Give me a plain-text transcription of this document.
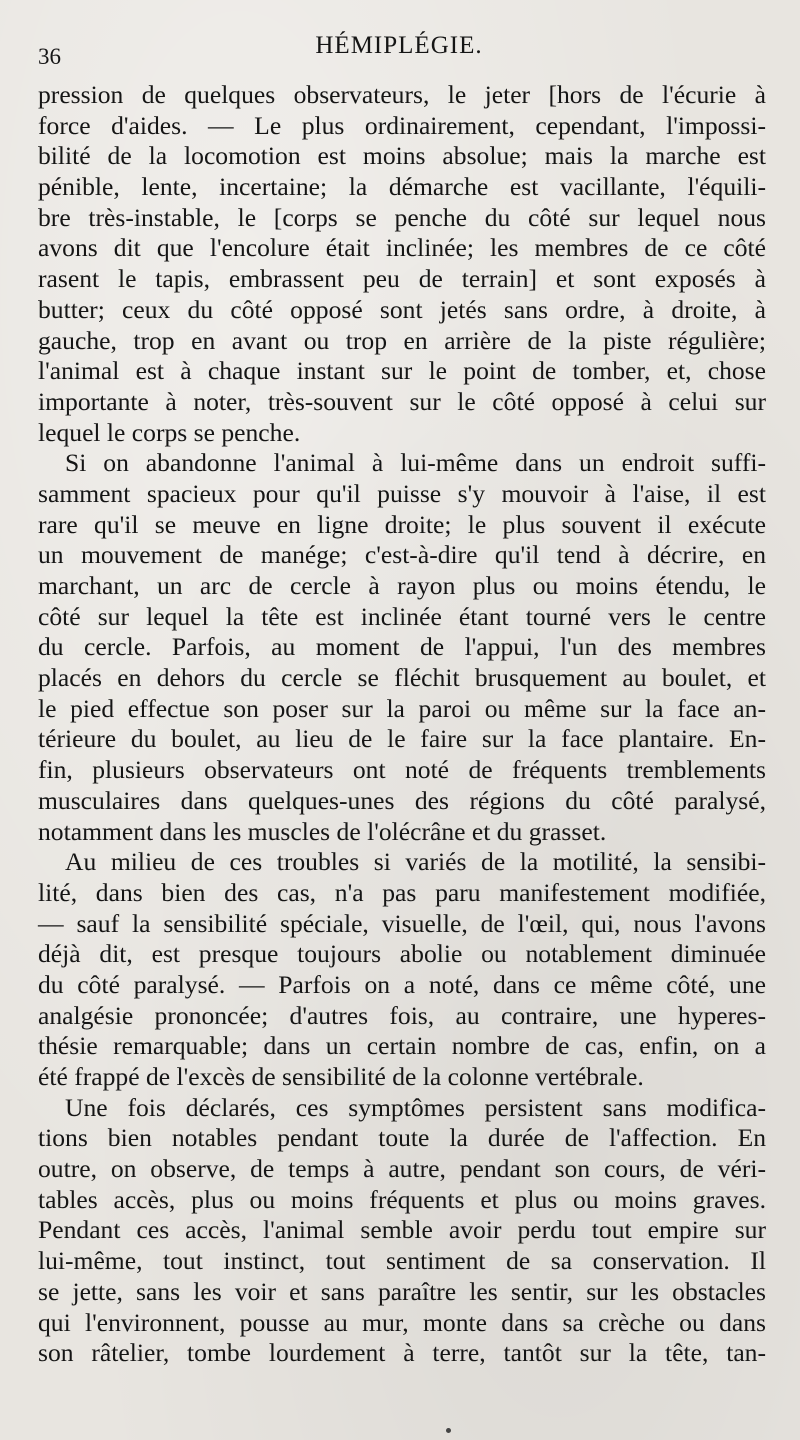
36	HÉMIPLÉGIE.
pression de quelques observateurs, le jeter [hors de l'écurie à
force d'aides. — Le plus ordinairement, cependant, l'impossi-
bilité de la locomotion est moins absolue; mais la marche est
pénible, lente, incertaine; la démarche est vacillante, l'équili-
bre très-instable, le [corps se penche du côté sur lequel nous
avons dit que l'encolure était inclinée; les membres de ce côté
rasent le tapis, embrassent peu de terrain] et sont exposés à
butter; ceux du côté opposé sont jetés sans ordre, à droite, à
gauche, trop en avant ou trop en arrière de la piste régulière;
l'animal est à chaque instant sur le point de tomber, et, chose
importante à noter, très-souvent sur le côté opposé à celui sur
lequel le corps se penche.
Si on abandonne l'animal à lui-même dans un endroit suffi-
samment spacieux pour qu'il puisse s'y mouvoir à l'aise, il est
rare qu'il se meuve en ligne droite; le plus souvent il exécute
un mouvement de manége; c'est-à-dire qu'il tend à décrire, en
marchant, un arc de cercle à rayon plus ou moins étendu, le
côté sur lequel la tête est inclinée étant tourné vers le centre
du cercle. Parfois, au moment de l'appui, l'un des membres
placés en dehors du cercle se fléchit brusquement au boulet, et
le pied effectue son poser sur la paroi ou même sur la face an-
térieure du boulet, au lieu de le faire sur la face plantaire. En-
fin, plusieurs observateurs ont noté de fréquents tremblements
musculaires dans quelques-unes des régions du côté paralysé,
notamment dans les muscles de l'olécrâne et du grasset.
Au milieu de ces troubles si variés de la motilité, la sensibi-
lité, dans bien des cas, n'a pas paru manifestement modifiée,
— sauf la sensibilité spéciale, visuelle, de l'œil, qui, nous l'avons
déjà dit, est presque toujours abolie ou notablement diminuée
du côté paralysé. — Parfois on a noté, dans ce même côté, une
analgésie prononcée; d'autres fois, au contraire, une hyperes-
thésie remarquable; dans un certain nombre de cas, enfin, on a
été frappé de l'excès de sensibilité de la colonne vertébrale.
Une fois déclarés, ces symptômes persistent sans modifica-
tions bien notables pendant toute la durée de l'affection. En
outre, on observe, de temps à autre, pendant son cours, de véri-
tables accès, plus ou moins fréquents et plus ou moins graves.
Pendant ces accès, l'animal semble avoir perdu tout empire sur
lui-même, tout instinct, tout sentiment de sa conservation. Il
se jette, sans les voir et sans paraître les sentir, sur les obstacles
qui l'environnent, pousse au mur, monte dans sa crèche ou dans
son râtelier, tombe lourdement à terre, tantôt sur la tête, tan-
